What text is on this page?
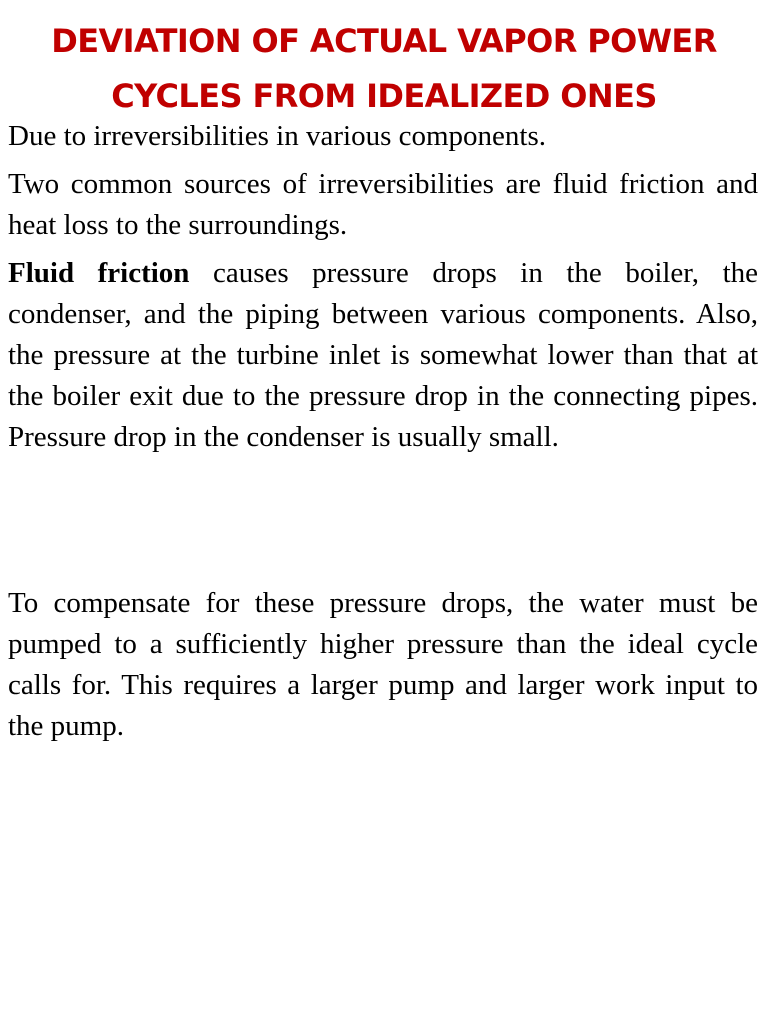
DEVIATION OF ACTUAL VAPOR POWER
CYCLES FROM IDEALIZED ONES

Due to irreversibilities in various components.

Two common sources of irreversibilities are fluid friction and heat loss to the surroundings.

Fluid friction causes pressure drops in the boiler, the condenser, and the piping between various components. Also, the pressure at the turbine inlet is somewhat lower than that at the boiler exit due to the pressure drop in the connecting pipes. Pressure drop in the condenser is usually small.

To compensate for these pressure drops, the water must be pumped to a sufficiently higher pressure than the ideal cycle calls for. This requires a larger pump and larger work input to the pump.
